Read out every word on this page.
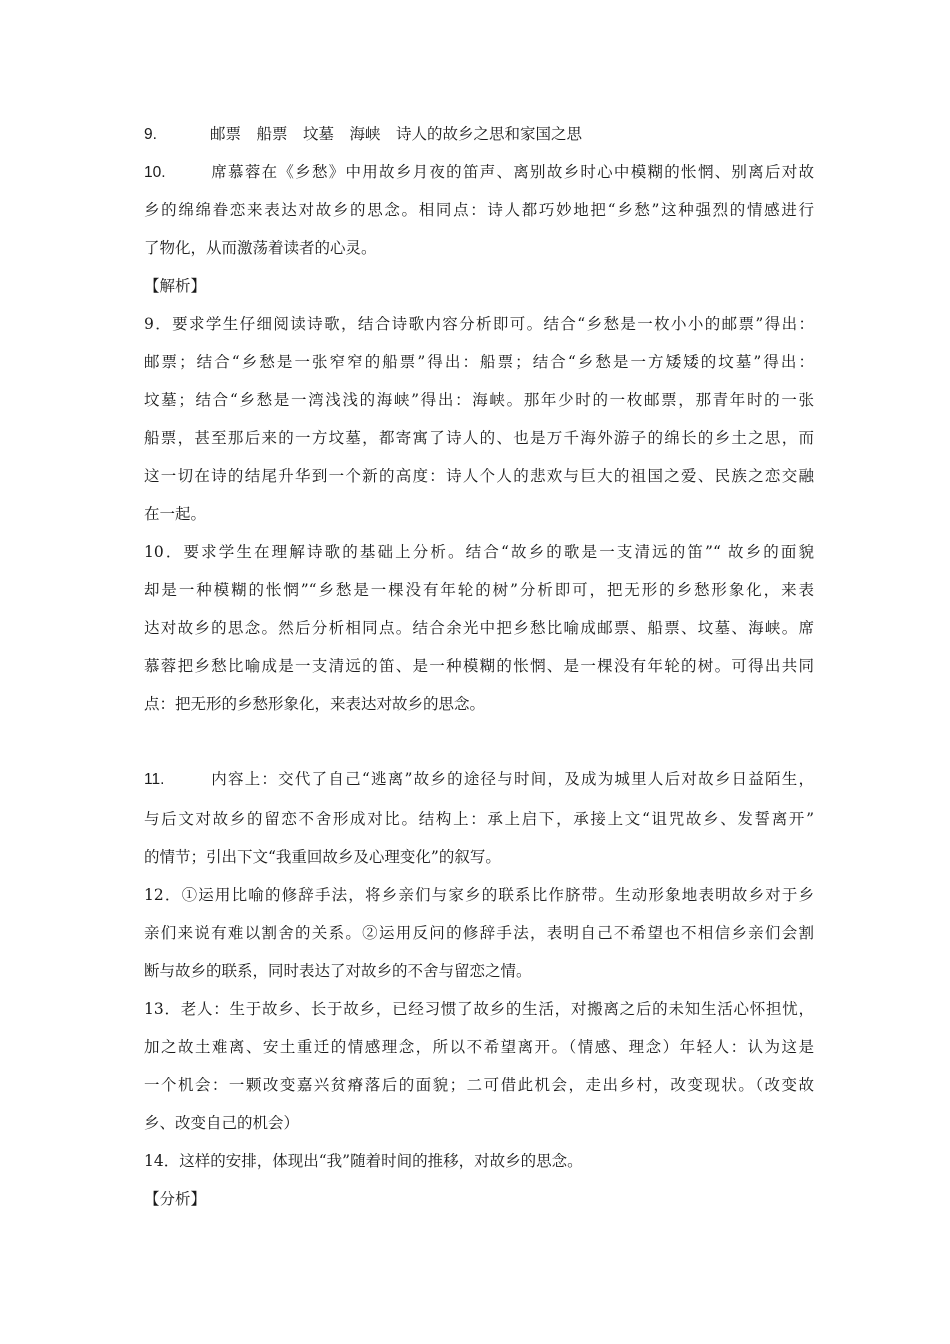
9.	邮票　船票　坟墓　海峡　诗人的故乡之思和家国之思
10.	席慕蓉在《乡愁》中用故乡月夜的笛声、离别故乡时心中模糊的怅惘、别离后对故
乡的绵绵眷恋来表达对故乡的思念。相同点：诗人都巧妙地把“乡愁”这种强烈的情感进行
了物化，从而激荡着读者的心灵。
【解析】
9．要求学生仔细阅读诗歌，结合诗歌内容分析即可。结合“乡愁是一枚小小的邮票”得出：
邮票；结合“乡愁是一张窄窄的船票”得出：船票；结合“乡愁是一方矮矮的坟墓”得出：
坟墓；结合“乡愁是一湾浅浅的海峡”得出：海峡。那年少时的一枚邮票，那青年时的一张
船票，甚至那后来的一方坟墓，都寄寓了诗人的、也是万千海外游子的绵长的乡土之思，而
这一切在诗的结尾升华到一个新的高度：诗人个人的悲欢与巨大的祖国之爱、民族之恋交融
在一起。
10．要求学生在理解诗歌的基础上分析。结合“故乡的歌是一支清远的笛”“ 故乡的面貌
却是一种模糊的怅惘”“乡愁是一棵没有年轮的树”分析即可，把无形的乡愁形象化，来表
达对故乡的思念。然后分析相同点。结合余光中把乡愁比喻成邮票、船票、坟墓、海峡。席
慕蓉把乡愁比喻成是一支清远的笛、是一种模糊的怅惘、是一棵没有年轮的树。可得出共同
点：把无形的乡愁形象化，来表达对故乡的思念。
11.	内容上：交代了自己“逃离”故乡的途径与时间，及成为城里人后对故乡日益陌生，
与后文对故乡的留恋不舍形成对比。结构上：承上启下，承接上文“诅咒故乡、发誓离开”
的情节；引出下文“我重回故乡及心理变化”的叙写。
12．①运用比喻的修辞手法，将乡亲们与家乡的联系比作脐带。生动形象地表明故乡对于乡
亲们来说有难以割舍的关系。②运用反问的修辞手法，表明自己不希望也不相信乡亲们会割
断与故乡的联系，同时表达了对故乡的不舍与留恋之情。
13．老人：生于故乡、长于故乡，已经习惯了故乡的生活，对搬离之后的未知生活心怀担忧，
加之故土难离、安土重迁的情感理念，所以不希望离开。（情感、理念）年轻人：认为这是
一个机会：一颗改变嘉兴贫瘠落后的面貌；二可借此机会，走出乡村，改变现状。（改变故
乡、改变自己的机会）
14．这样的安排，体现出“我”随着时间的推移，对故乡的思念。
【分析】
